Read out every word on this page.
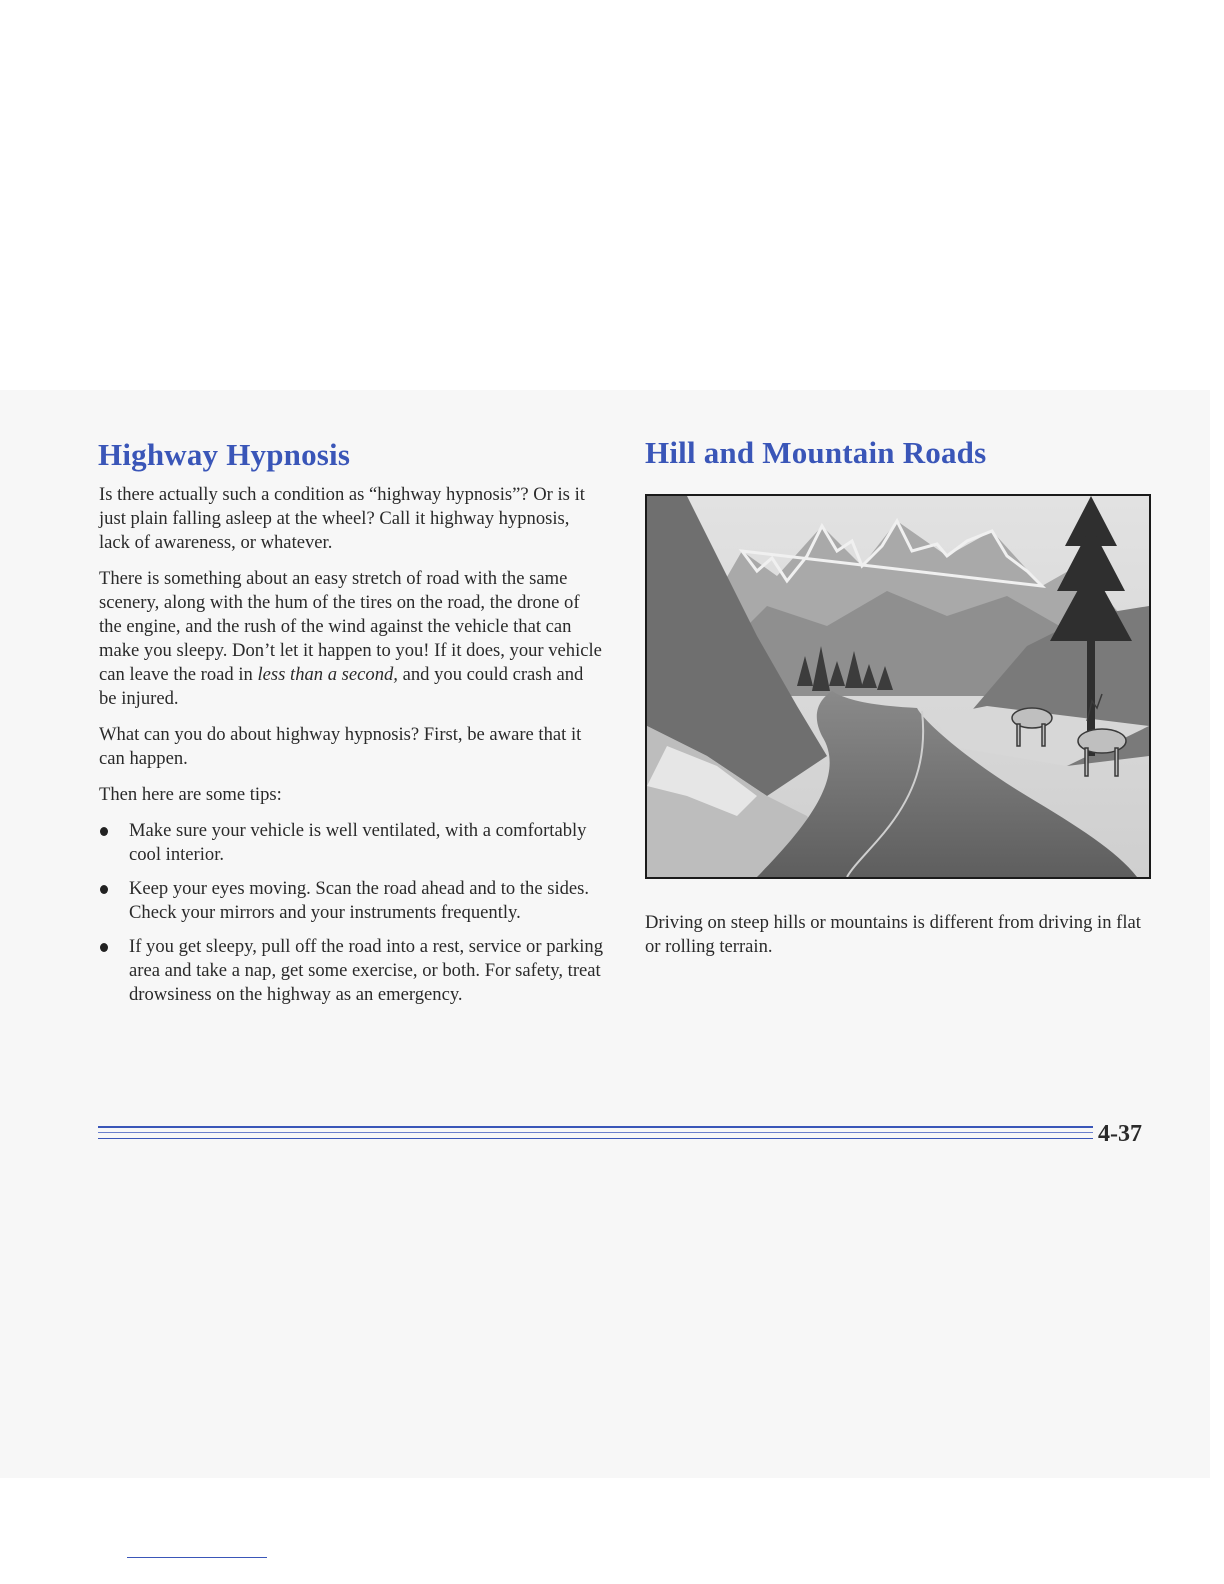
Highway Hypnosis

Is there actually such a condition as “highway hypnosis”? Or is it just plain falling asleep at the wheel? Call it highway hypnosis, lack of awareness, or whatever.

There is something about an easy stretch of road with the same scenery, along with the hum of the tires on the road, the drone of the engine, and the rush of the wind against the vehicle that can make you sleepy. Don’t let it happen to you! If it does, your vehicle can leave the road in less than a second, and you could crash and be injured.

What can you do about highway hypnosis? First, be aware that it can happen.

Then here are some tips:

Make sure your vehicle is well ventilated, with a comfortably cool interior.
Keep your eyes moving. Scan the road ahead and to the sides. Check your mirrors and your instruments frequently.
If you get sleepy, pull off the road into a rest, service or parking area and take a nap, get some exercise, or both. For safety, treat drowsiness on the highway as an emergency.
Hill and Mountain Roads

Driving on steep hills or mountains is different from driving in flat or rolling terrain.

4-37
